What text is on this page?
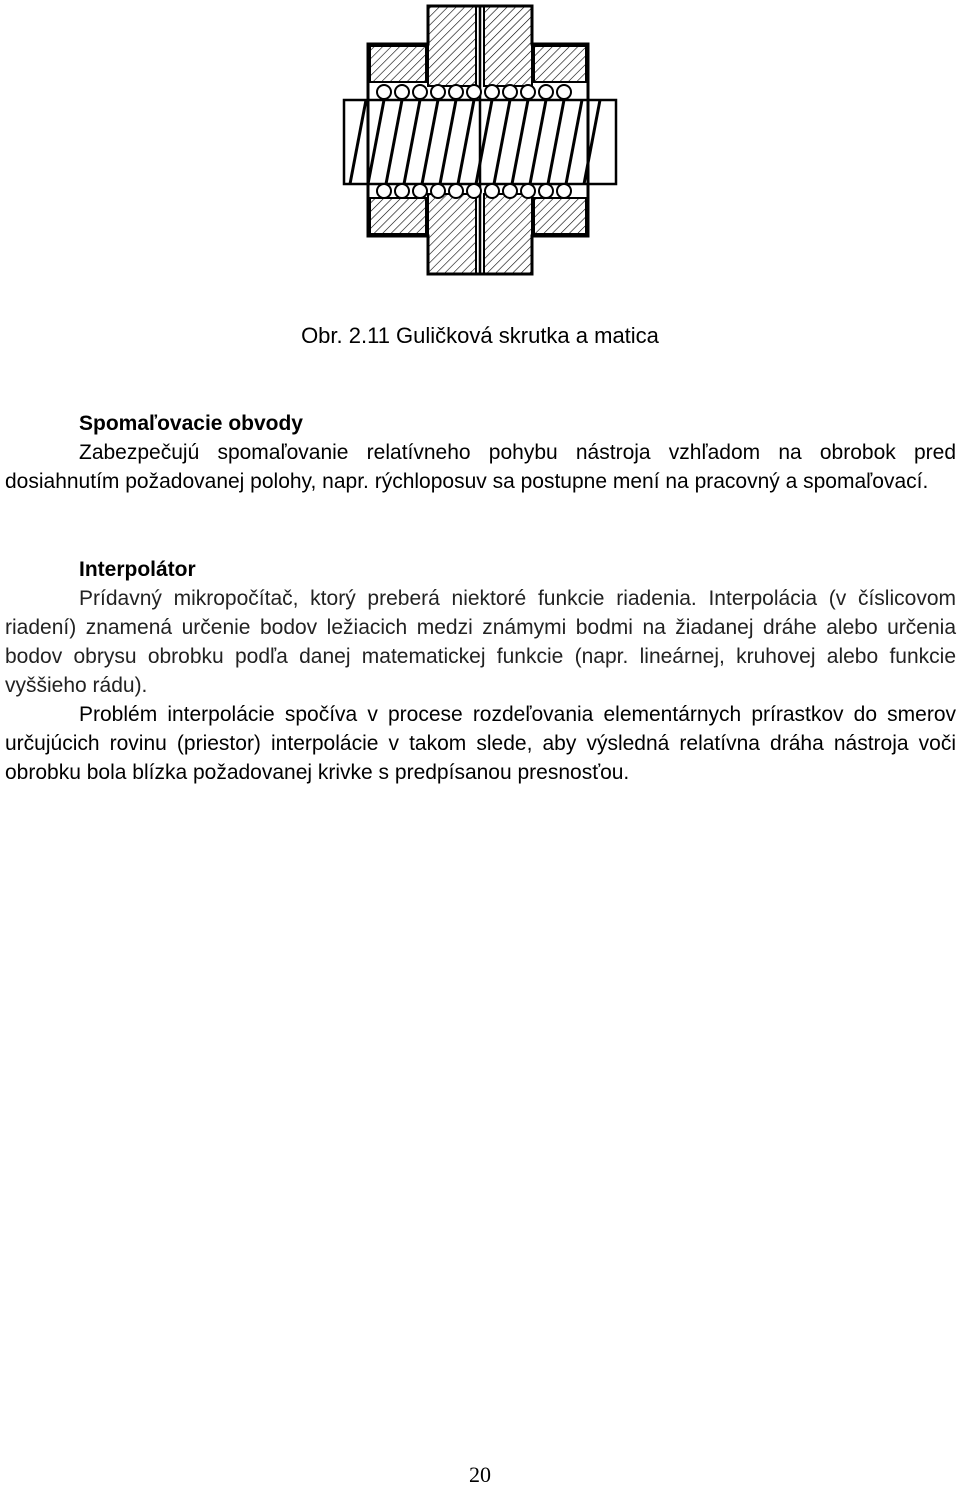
Obr. 2.11 Guličková skrutka a matica

Spomaľovacie obvody

Zabezpečujú spomaľovanie relatívneho pohybu nástroja vzhľadom na obrobok pred dosiahnutím požadovanej polohy, napr. rýchloposuv sa postupne mení na pracovný a spomaľovací.

Interpolátor

Prídavný mikropočítač, ktorý preberá niektoré funkcie riadenia. Interpolácia (v číslicovom riadení) znamená určenie bodov ležiacich medzi známymi bodmi na žiadanej dráhe alebo určenia bodov obrysu obrobku podľa danej matematickej funkcie (napr. lineárnej, kruhovej alebo funkcie vyššieho rádu).

Problém interpolácie spočíva v procese rozdeľovania elementárnych prírastkov do smerov určujúcich rovinu (priestor) interpolácie v takom slede, aby výsledná relatívna dráha nástroja voči obrobku bola blízka požadovanej krivke s predpísanou presnosťou.

20
